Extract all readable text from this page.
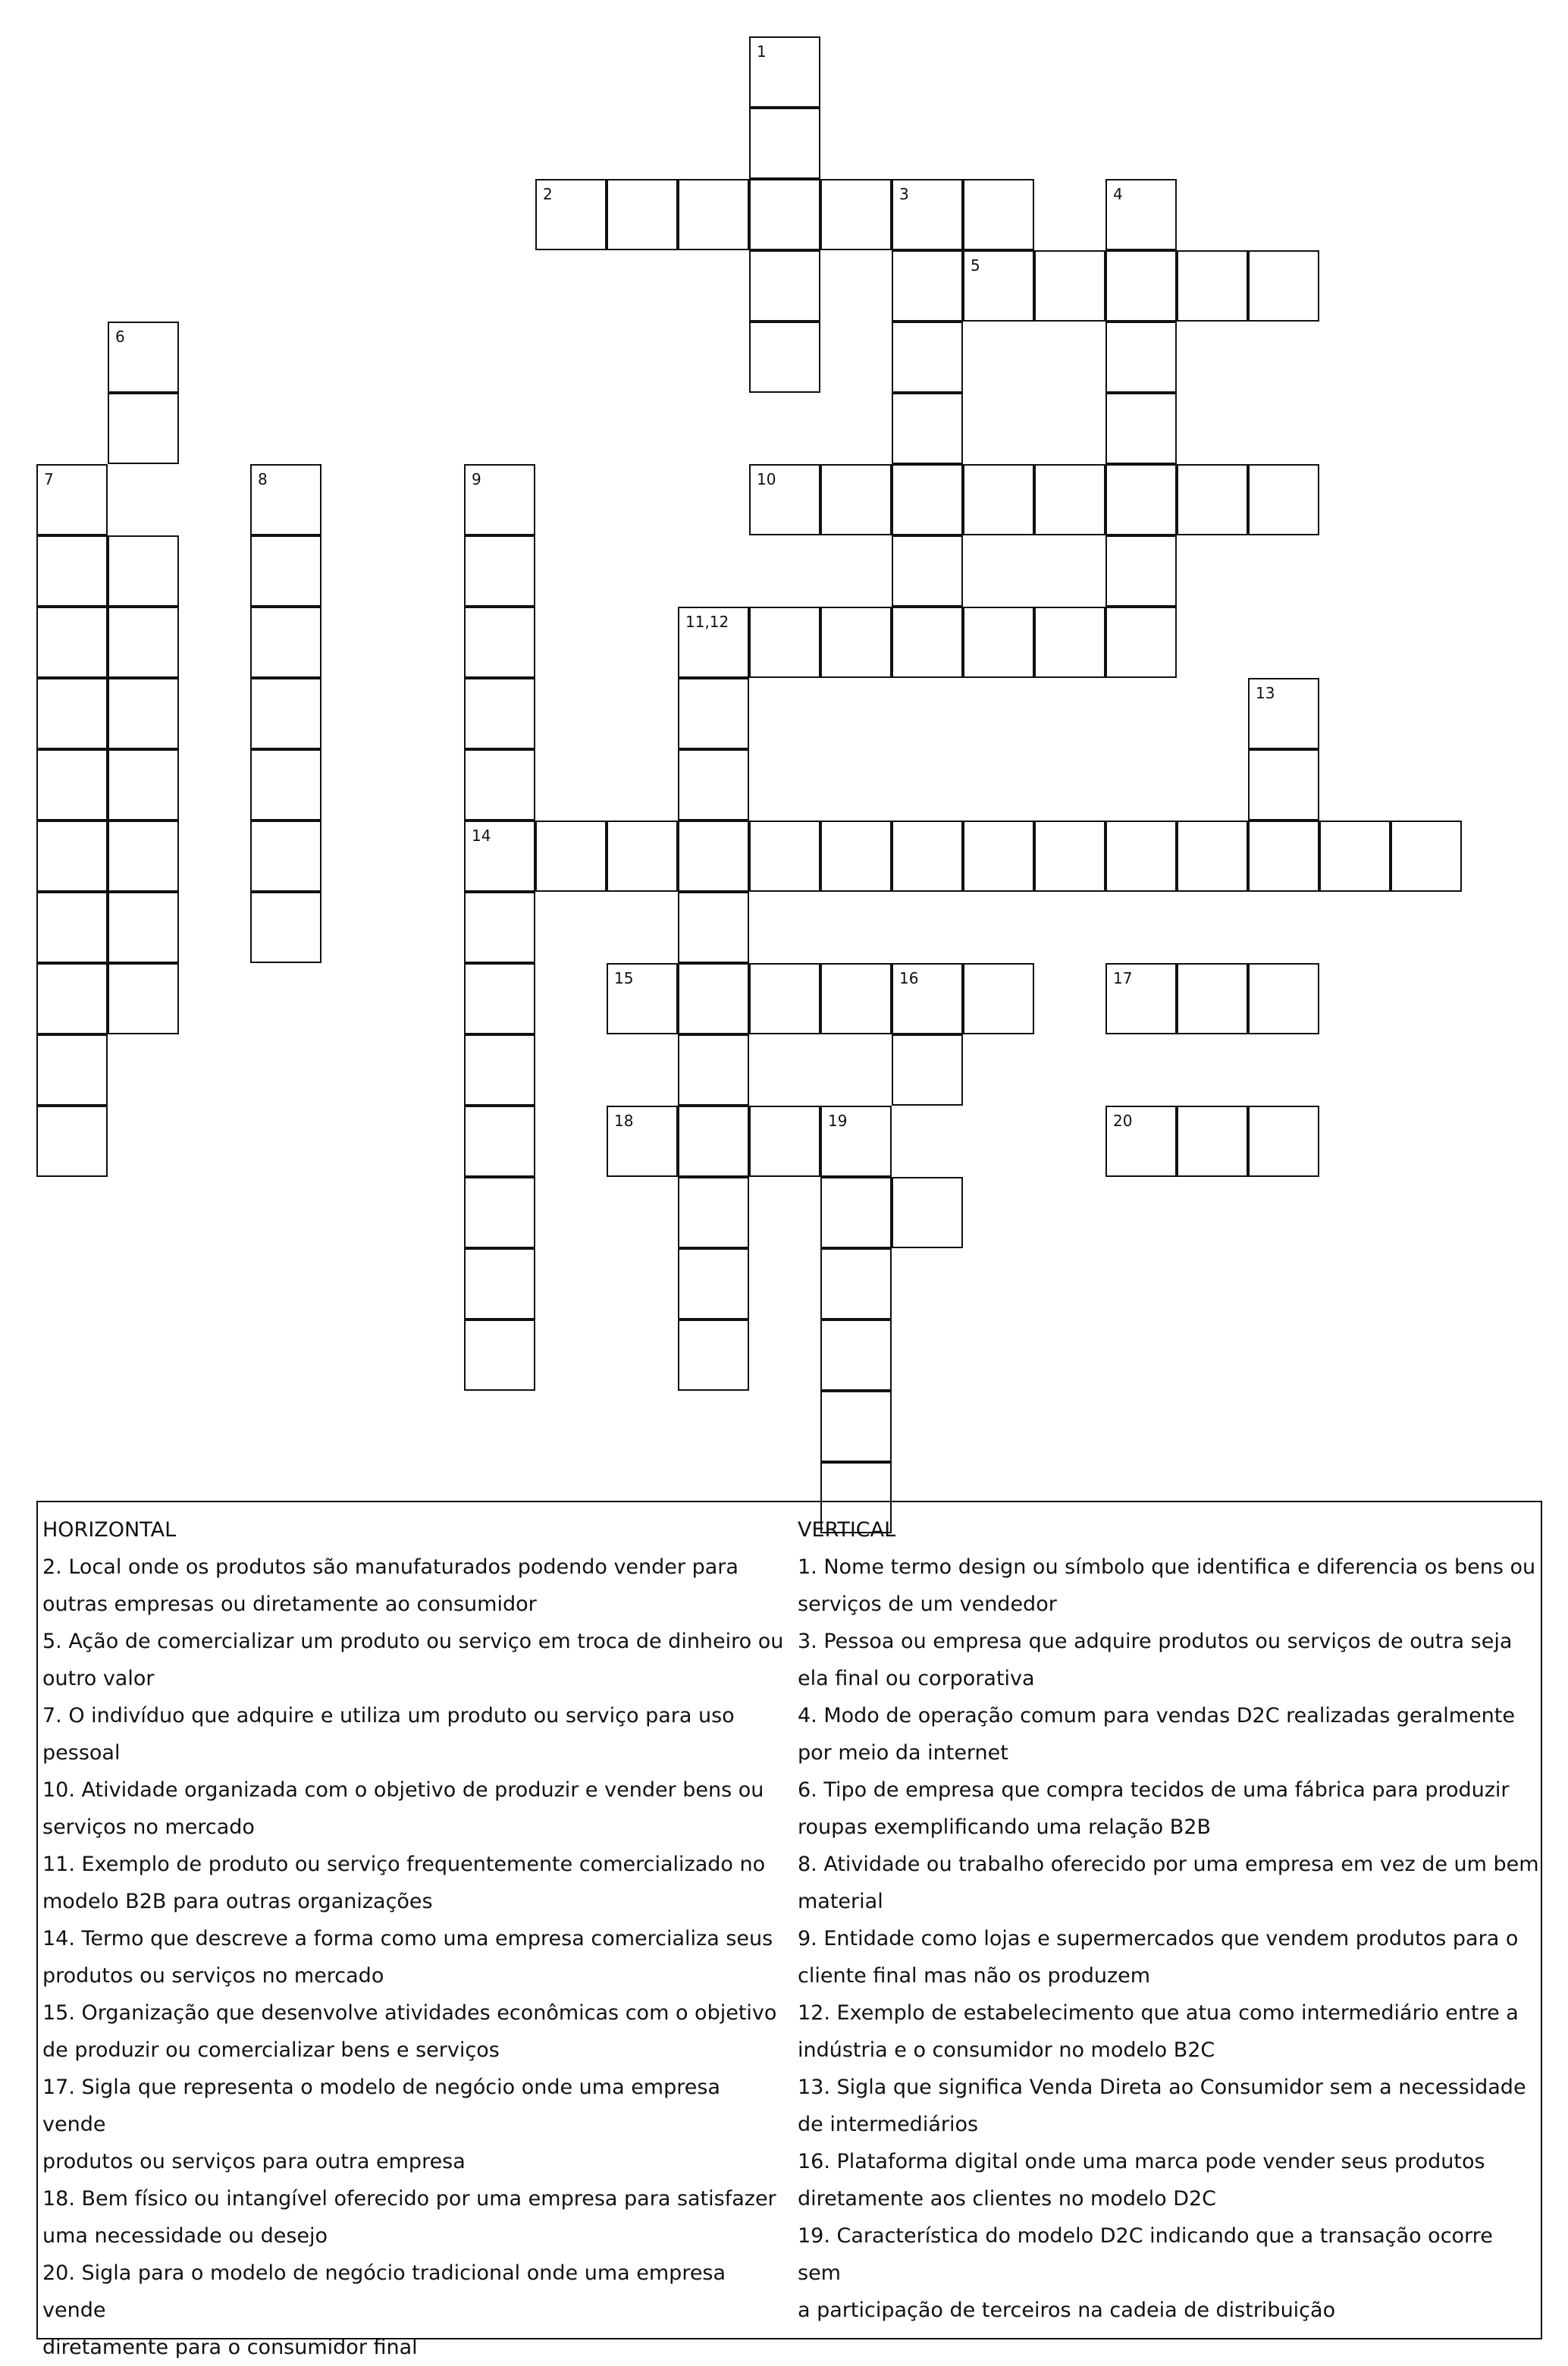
7
6
8	9
2	3
1
5
4
10
11,12
13
14
15	16	17
18	19	20

HORIZONTAL

2. Local onde os produtos são manufaturados podendo vender para

outras empresas ou diretamente ao consumidor

5. Ação de comercializar um produto ou serviço em troca de dinheiro ou

outro valor

7. O indivíduo que adquire e utiliza um produto ou serviço para uso

pessoal

10. Atividade organizada com o objetivo de produzir e vender bens ou

serviços no mercado

11. Exemplo de produto ou serviço frequentemente comercializado no

modelo B2B para outras organizações

14. Termo que descreve a forma como uma empresa comercializa seus

produtos ou serviços no mercado

15. Organização que desenvolve atividades econômicas com o objetivo

de produzir ou comercializar bens e serviços

17. Sigla que representa o modelo de negócio onde uma empresa vende

produtos ou serviços para outra empresa

18. Bem físico ou intangível oferecido por uma empresa para satisfazer

uma necessidade ou desejo

20. Sigla para o modelo de negócio tradicional onde uma empresa vende

diretamente para o consumidor final

VERTICAL

1. Nome termo design ou símbolo que identifica e diferencia os bens ou

serviços de um vendedor

3. Pessoa ou empresa que adquire produtos ou serviços de outra seja

ela final ou corporativa

4. Modo de operação comum para vendas D2C realizadas geralmente

por meio da internet

6. Tipo de empresa que compra tecidos de uma fábrica para produzir

roupas exemplificando uma relação B2B

8. Atividade ou trabalho oferecido por uma empresa em vez de um bem

material

9. Entidade como lojas e supermercados que vendem produtos para o

cliente final mas não os produzem

12. Exemplo de estabelecimento que atua como intermediário entre a

indústria e o consumidor no modelo B2C

13. Sigla que significa Venda Direta ao Consumidor sem a necessidade

de intermediários

16. Plataforma digital onde uma marca pode vender seus produtos

diretamente aos clientes no modelo D2C

19. Característica do modelo D2C indicando que a transação ocorre sem

a participação de terceiros na cadeia de distribuição
